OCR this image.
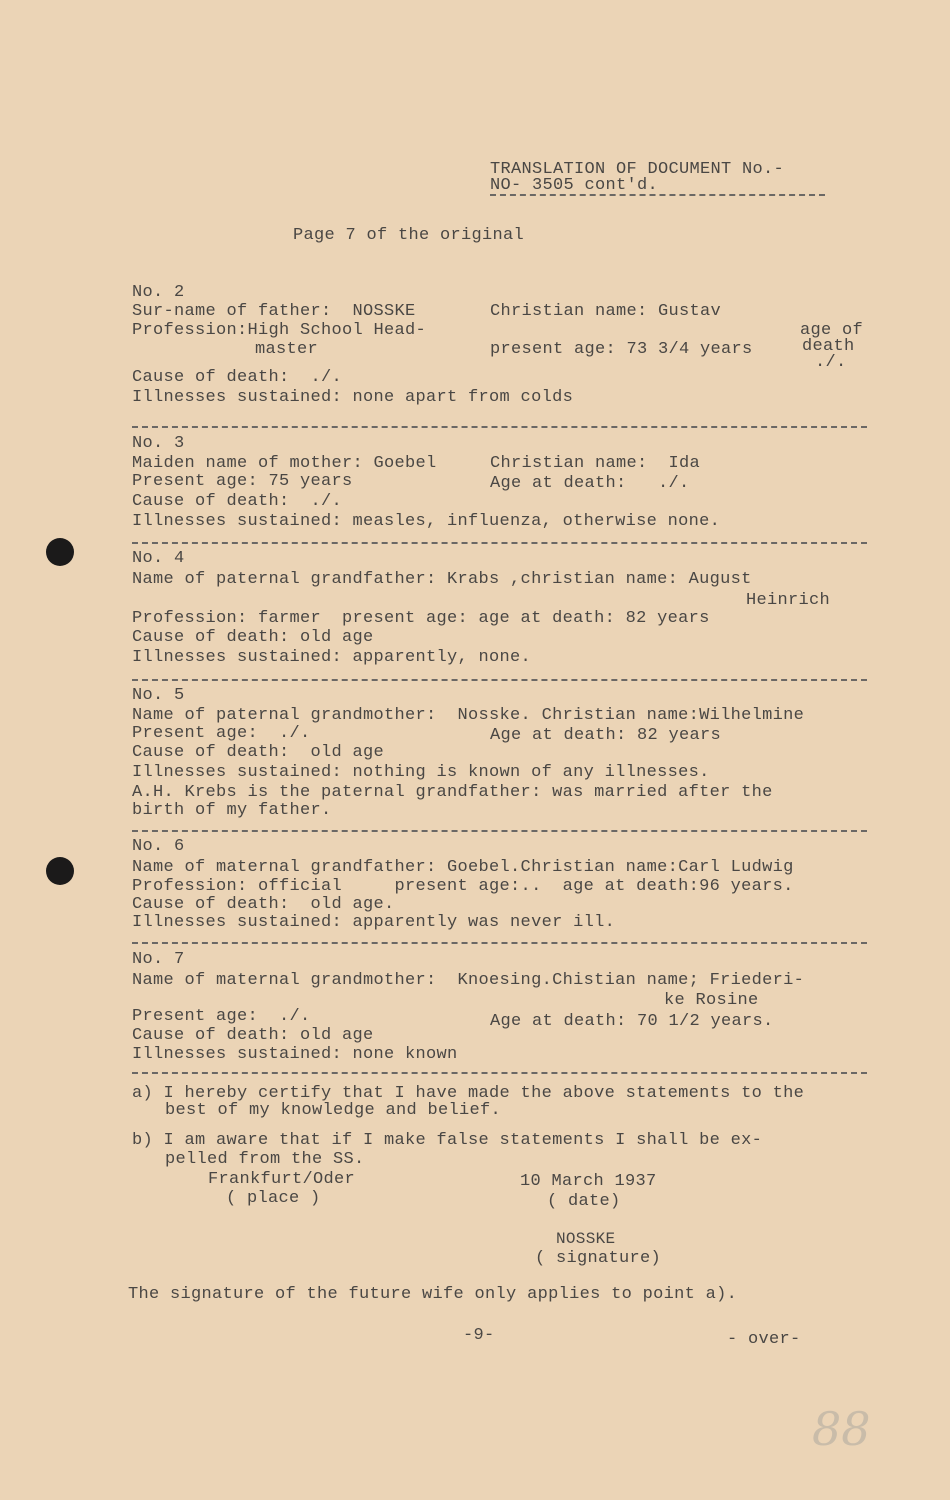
TRANSLATION OF DOCUMENT No.-
NO- 3505 cont'd.
Page 7 of the original
No. 2
Sur-name of father:  NOSSKE	Christian name: Gustav
Profession:High School Head-	age of
master	present age: 73 3/4 years	death
./.
Cause of death:  ./.
Illnesses sustained: none apart from colds
No. 3
Maiden name of mother: Goebel	Christian name:  Ida
Present age: 75 years	Age at death:   ./.
Cause of death:  ./.
Illnesses sustained: measles, influenza, otherwise none.
No. 4
Name of paternal grandfather: Krabs ,christian name: August
Heinrich
Profession: farmer  present age: age at death: 82 years
Cause of death: old age
Illnesses sustained: apparently, none.
No. 5
Name of paternal grandmother:  Nosske. Christian name:Wilhelmine
Present age:  ./.	Age at death: 82 years
Cause of death:  old age
Illnesses sustained: nothing is known of any illnesses.
A.H. Krebs is the paternal grandfather: was married after the
birth of my father.
No. 6
Name of maternal grandfather: Goebel.Christian name:Carl Ludwig
Profession: official     present age:..  age at death:96 years.
Cause of death:  old age.
Illnesses sustained: apparently was never ill.
No. 7
Name of maternal grandmother:  Knoesing.Chistian name; Friederi-
ke Rosine
Present age:  ./.	Age at death: 70 1/2 years.
Cause of death: old age
Illnesses sustained: none known
a) I hereby certify that I have made the above statements to the
best of my knowledge and belief.
b) I am aware that if I make false statements I shall be ex-
pelled from the SS.
Frankfurt/Oder	10 March 1937
( place )	( date)
NOSSKE
( signature)
The signature of the future wife only applies to point a).
-9-	- over-
88
